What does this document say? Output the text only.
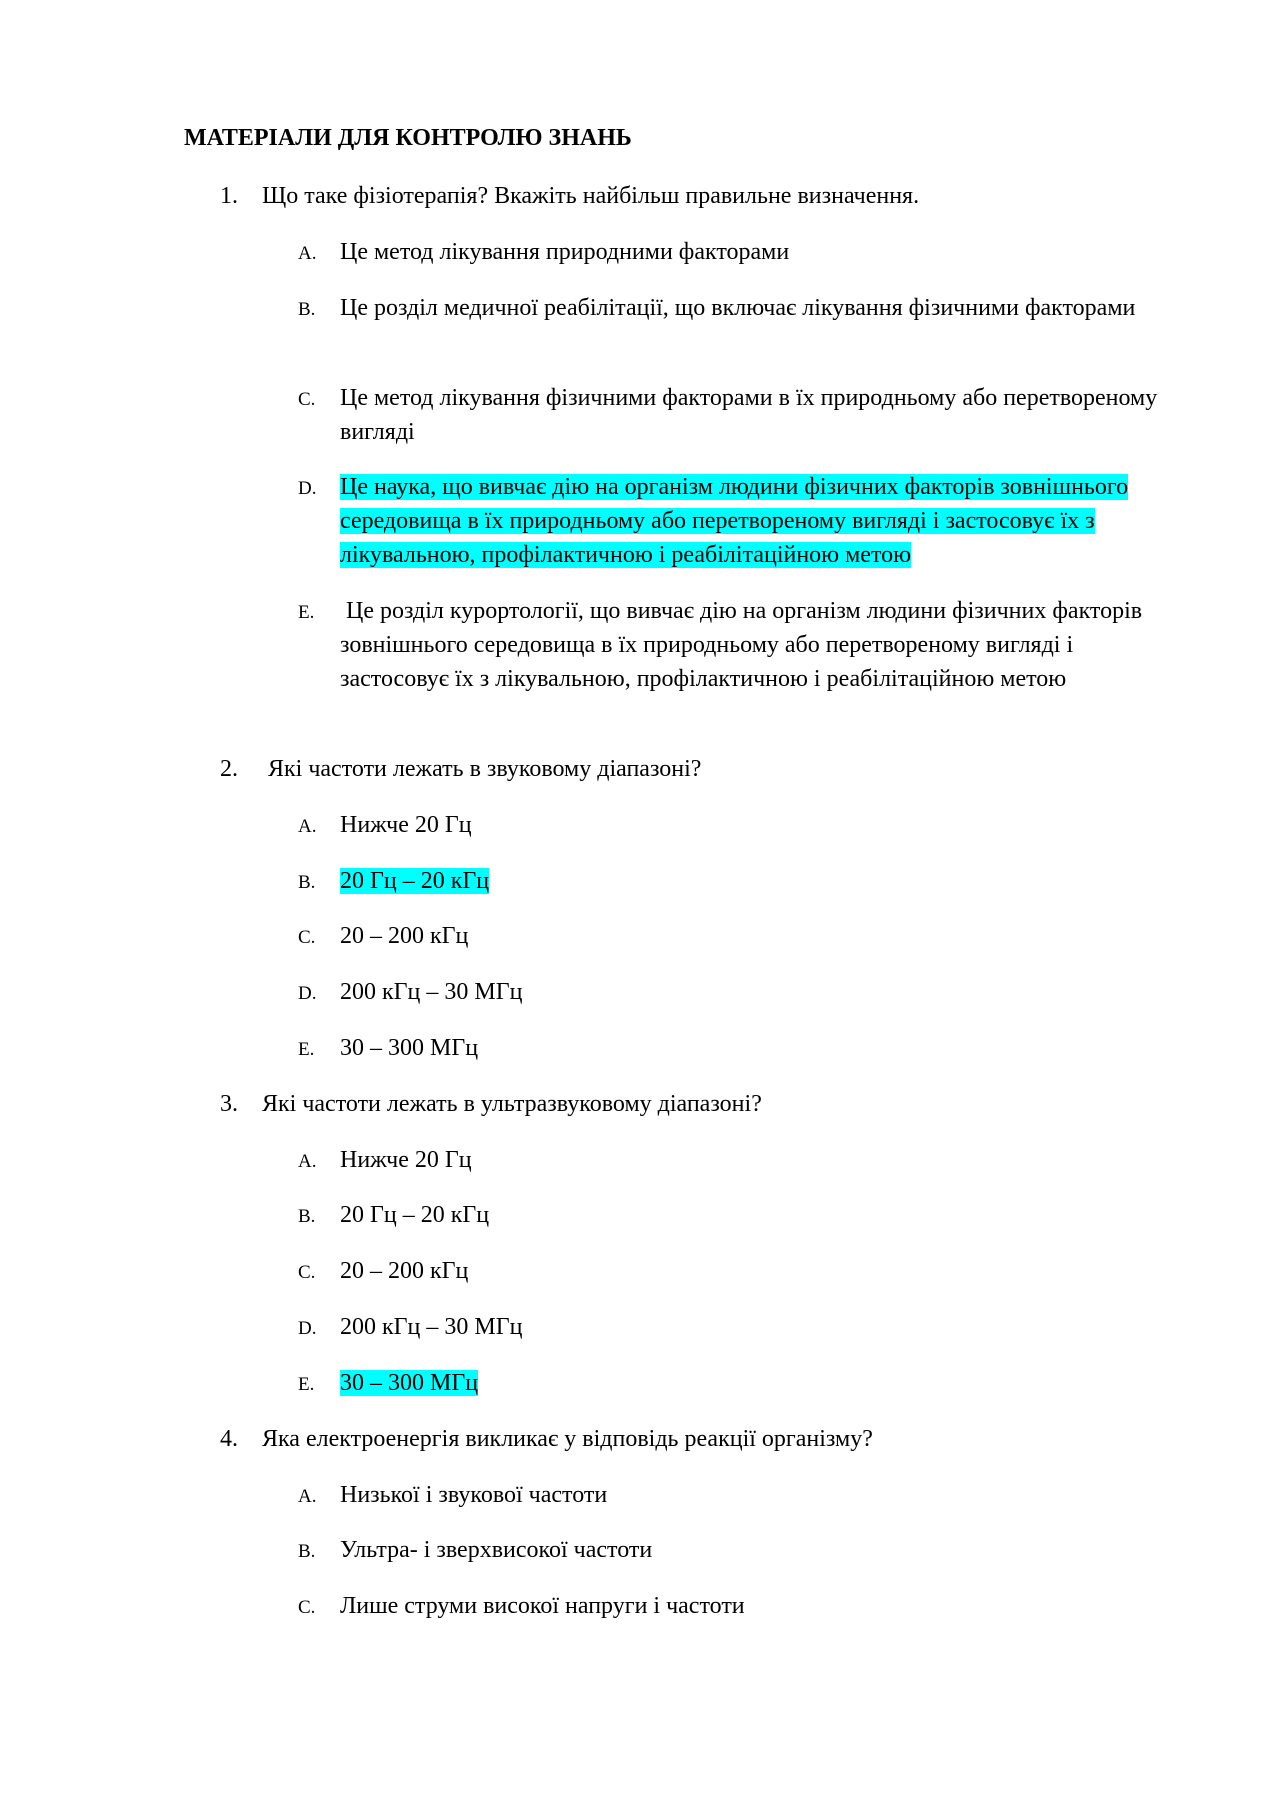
МАТЕРІАЛИ ДЛЯ КОНТРОЛЮ ЗНАНЬ
1.	Що таке фізіотерапія? Вкажіть найбільш правильне визначення.
A. Це метод лікування природними факторами
B. Це розділ медичної реабілітації, що включає лікування фізичними факторами
C. Це метод лікування фізичними факторами в їх природньому або перетвореному вигляді
D. Це наука, що вивчає дію на організм людини фізичних факторів зовнішнього середовища в їх природньому або перетвореному вигляді і застосовує їх з лікувальною, профілактичною і реабілітаційною метою
E. Це розділ курортології, що вивчає дію на організм людини фізичних факторів зовнішнього середовища в їх природньому або перетвореному вигляді і застосовує їх з лікувальною, профілактичною і реабілітаційною метою
2.	Які частоти лежать в звуковому діапазоні?
A. Нижче 20 Гц
B. 20 Гц – 20 кГц
C. 20 – 200 кГц
D. 200 кГц – 30 МГц
E. 30 – 300 МГц
3.	Які частоти лежать в ультразвуковому діапазоні?
A. Нижче 20 Гц
B. 20 Гц – 20 кГц
C. 20 – 200 кГц
D. 200 кГц – 30 МГц
E. 30 – 300 МГц
4.	Яка електроенергія викликає у відповідь реакції організму?
A. Низької і звукової частоти
B. Ультра- і зверхвисокої частоти
C. Лише струми високої напруги і частоти
